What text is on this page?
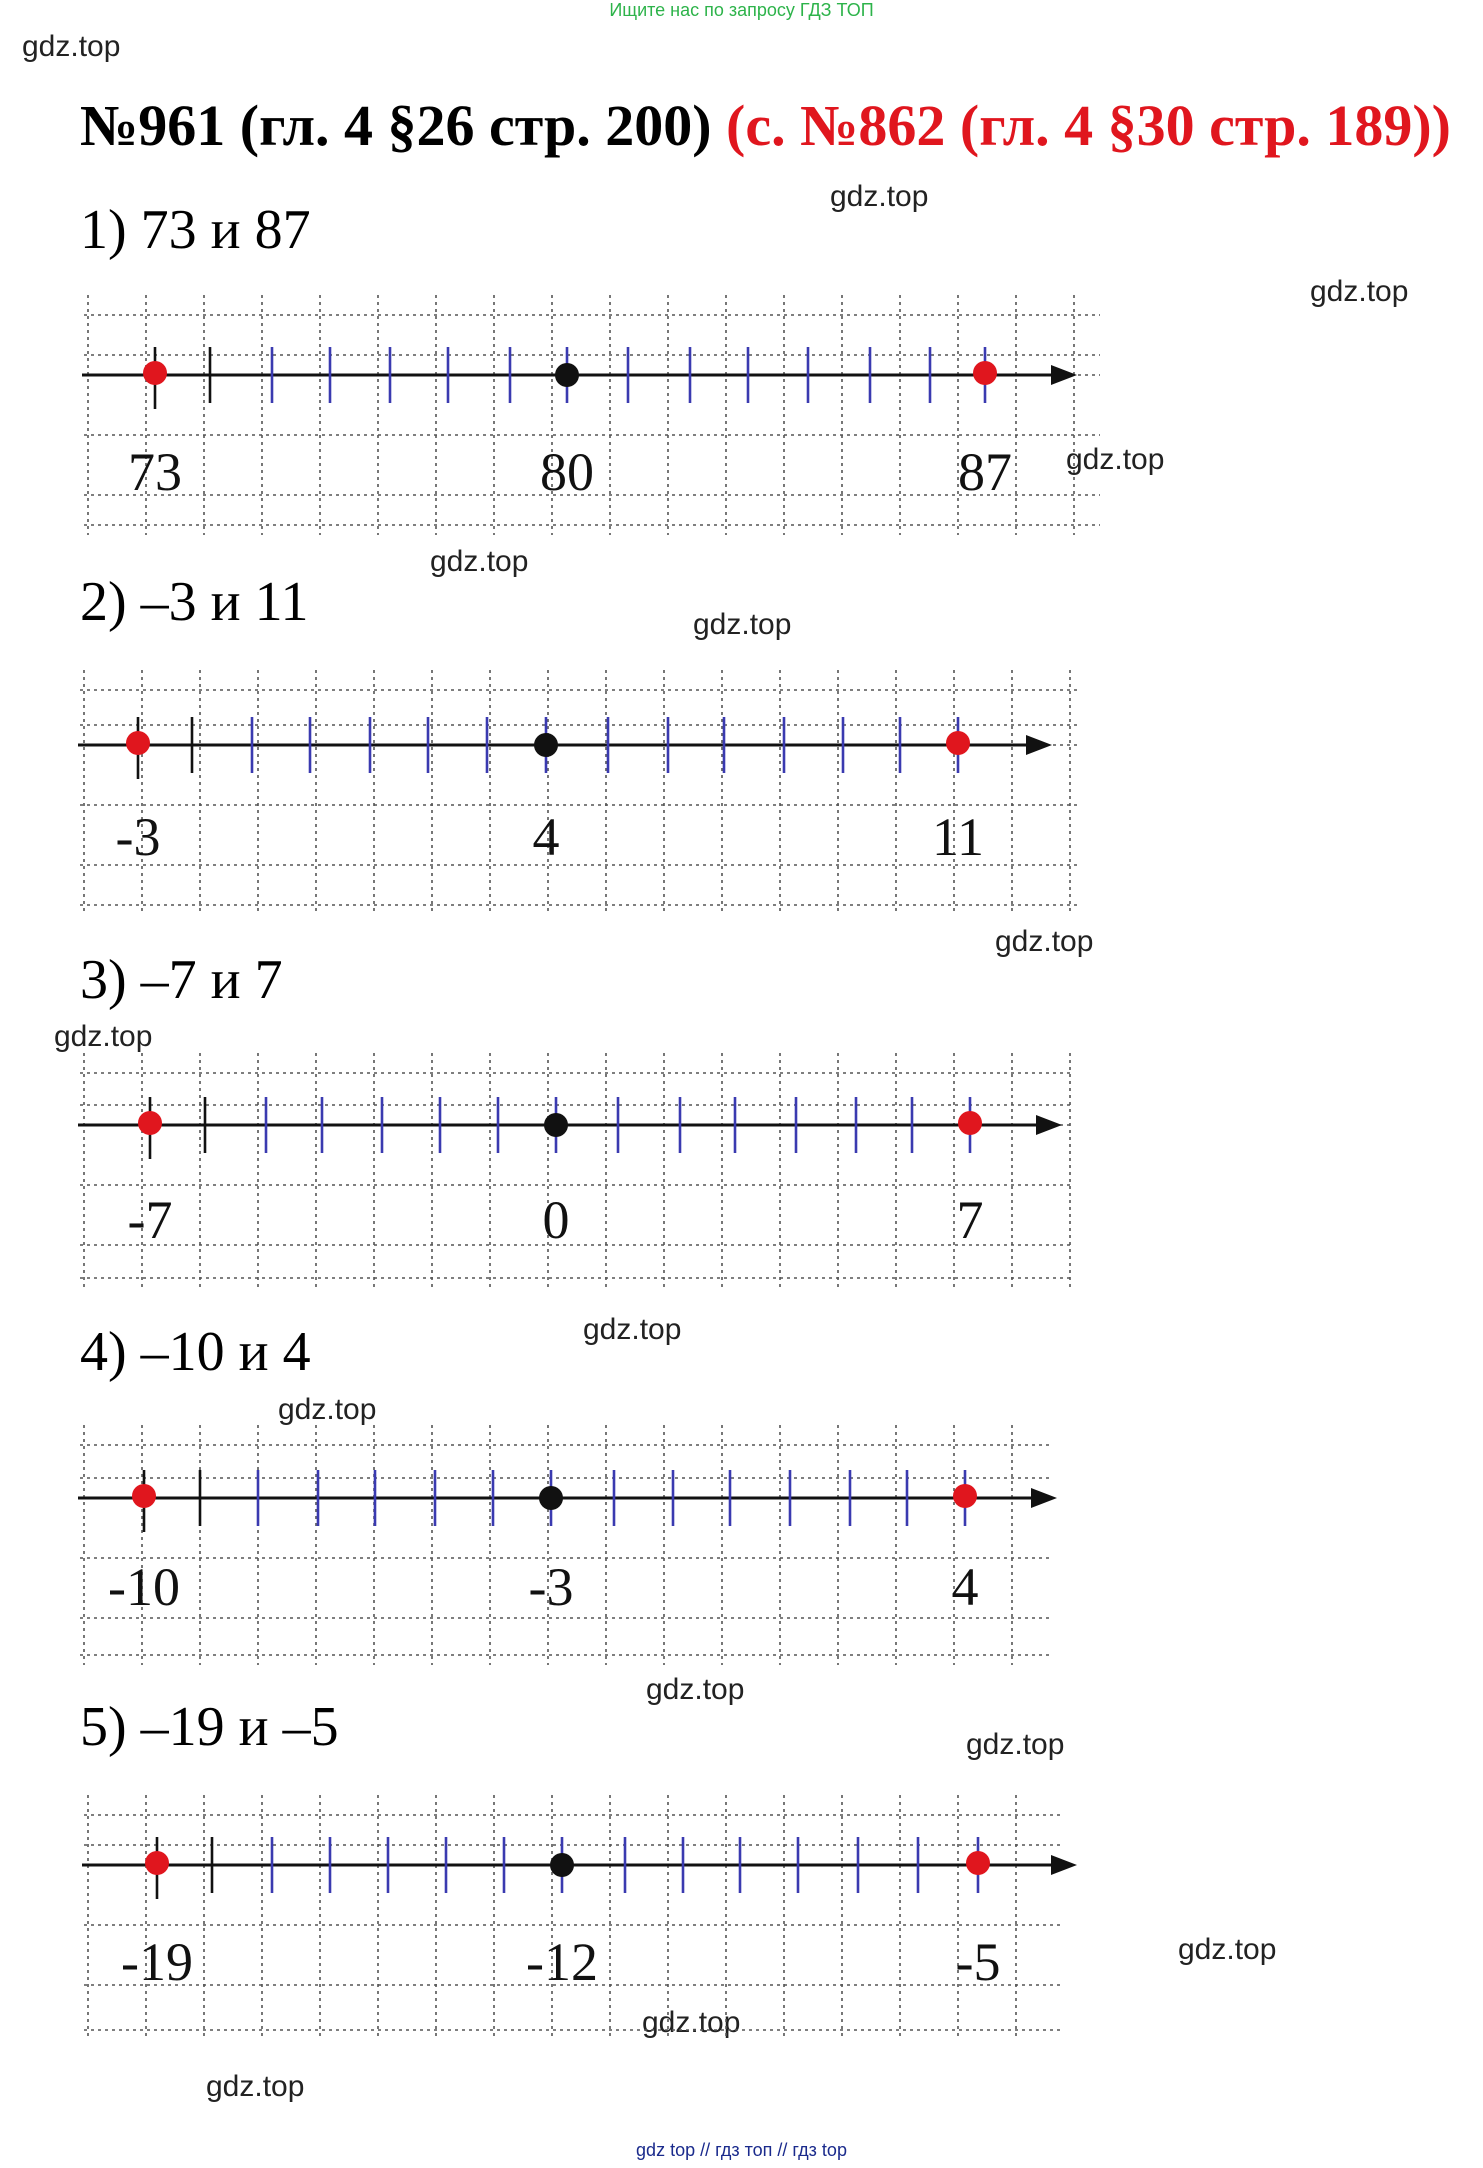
Ищите нас по запросу ГДЗ ТОП
№961 (гл. 4 §26 стр. 200) (с. №862 (гл. 4 §30 стр. 189))
gdz.top
gdz.top
gdz.top
gdz.top
gdz.top
gdz.top
gdz.top
gdz.top
gdz.top
gdz.top
gdz.top
gdz.top
gdz.top
gdz.top
gdz.top
1) 73 и 87
73	80	87
2) –3 и 11
-3	4	11
3) –7 и 7
-7	0	7
4) –10 и 4
-10	-3	4
5) –19 и –5
-19	-12	-5
gdz top // гдз топ // гдз top
